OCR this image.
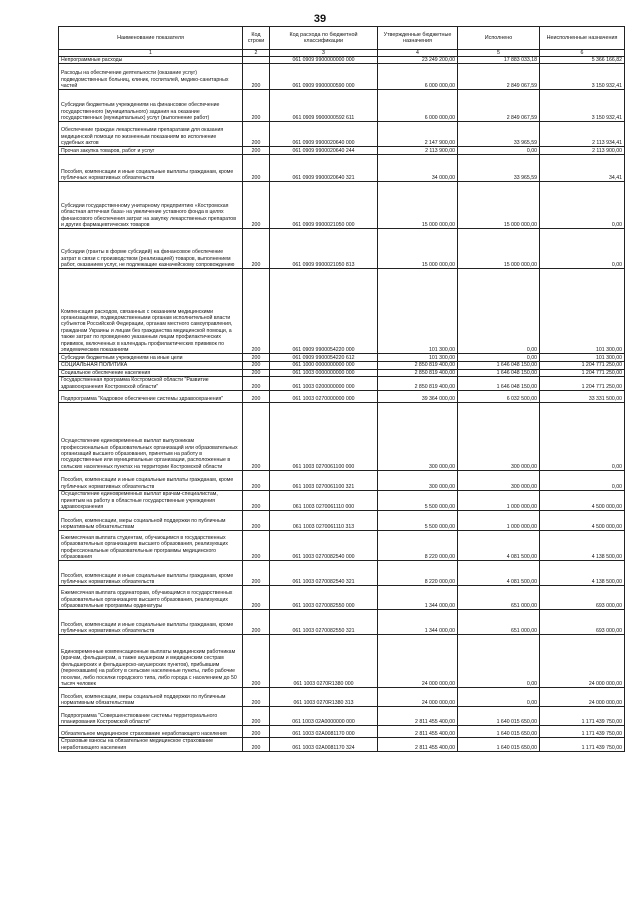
39
Наименование показателя	Код строки	Код расхода по бюджетной классификации	Утвержденные бюджетные назначения	Исполнено	Неисполненные назначения
1	2	3	4	5	6
Непрограммные расходы		061 0909 9900000000 000	23 249 200,00	17 883 033,18	5 366 166,82
Расходы на обеспечение деятельности (оказание услуг) подведомственных больниц, клиник, госпиталей, медико-санитарных частей	200	061 0909 9900000590 000	6 000 000,00	2 849 067,59	3 150 932,41
Субсидии бюджетным учреждениям на финансовое обеспечение государственного (муниципального) задания на оказание государственных (муниципальных) услуг (выполнение работ)	200	061 0909 9900000592 611	6 000 000,00	2 849 067,59	3 150 932,41
Обеспечение граждан лекарственными препаратами для оказания медицинской помощи по жизненным показаниям во исполнение судебных актов	200	061 0909 9900020640 000	2 147 900,00	33 965,59	2 113 934,41
Прочая закупка товаров, работ и услуг	200	061 0909 9900020640 244	2 113 900,00	0,00	2 113 900,00
Пособия, компенсации и иные социальные выплаты гражданам, кроме публичных нормативных обязательств	200	061 0909 9900020640 321	34 000,00	33 965,59	34,41
Субсидии государственному унитарному предприятию «Костромская областная аптечная база» на увеличение уставного фонда в целях финансового обеспечения затрат на закупку лекарственных препаратов и других фармацевтических товаров	200	061 0909 9900021050 000	15 000 000,00	15 000 000,00	0,00
Субсидии (гранты в форме субсидий) на финансовое обеспечение затрат в связи с производством (реализацией) товаров, выполнением работ, оказанием услуг, не подлежащие казначейскому сопровождению	200	061 0909 9900021050 813	15 000 000,00	15 000 000,00	0,00
Компенсация расходов, связанных с оказанием медицинскими организациями, подведомственными органам исполнительной власти субъектов Российской Федерации, органам местного самоуправления, гражданам Украины и лицам без гражданства медицинской помощи, а также затрат по проведению указанным лицам профилактических прививок, включенных в календарь профилактических прививок по эпидемическим показаниям	200	061 0909 9900054220 000	101 300,00	0,00	101 300,00
Субсидии бюджетным учреждениям на иные цели	200	061 0909 9900054220 612	101 300,00	0,00	101 300,00
СОЦИАЛЬНАЯ ПОЛИТИКА	200	061 1000 0000000000 000	2 850 819 400,00	1 646 048 150,00	1 204 771 250,00
Социальное обеспечение населения	200	061 1003 0000000000 000	2 850 819 400,00	1 646 048 150,00	1 204 771 250,00
Государственная программа Костромской области "Развитие здравоохранения Костромской области"	200	061 1003 0200000000 000	2 850 819 400,00	1 646 048 150,00	1 204 771 250,00
Подпрограмма "Кадровое обеспечение системы здравоохранения"	200	061 1003 0270000000 000	39 364 000,00	6 032 500,00	33 331 500,00
Осуществление единовременных выплат выпускникам профессиональных образовательных организаций или образовательных организаций высшего образования, принятым на работу в государственные или муниципальные организации, расположенные в сельских населенных пунктах на территории Костромской области	200	061 1003 0270061100 000	300 000,00	300 000,00	0,00
Пособия, компенсации и иные социальные выплаты гражданам, кроме публичных нормативных обязательств	200	061 1003 0270061100 321	300 000,00	300 000,00	0,00
Осуществление единовременных выплат врачам-специалистам, принятым на работу в областные государственные учреждения здравоохранения	200	061 1003 0270061110 000	5 500 000,00	1 000 000,00	4 500 000,00
Пособия, компенсации, меры социальной поддержки по публичным нормативным обязательствам	200	061 1003 0270061110 313	5 500 000,00	1 000 000,00	4 500 000,00
Ежемесячная выплата студентам, обучающимся в государственных образовательных организациях высшего образования, реализующих профессиональные образовательные программы медицинского образования	200	061 1003 0270082540 000	8 220 000,00	4 081 500,00	4 138 500,00
Пособия, компенсации и иные социальные выплаты гражданам, кроме публичных нормативных обязательств	200	061 1003 0270082540 321	8 220 000,00	4 081 500,00	4 138 500,00
Ежемесячная выплата ординаторам, обучающимся в государственных образовательных организациях высшего образования, реализующих образовательные программы ординатуры	200	061 1003 0270082550 000	1 344 000,00	651 000,00	693 000,00
Пособия, компенсации и иные социальные выплаты гражданам, кроме публичных нормативных обязательств	200	061 1003 0270082550 321	1 344 000,00	651 000,00	693 000,00
Единовременные компенсационные выплаты медицинским работникам (врачам, фельдшерам, а также акушеркам и медицинским сестрам фельдшерских и фельдшерско-акушерских пунктов), прибывшим (переехавшим) на работу в сельские населенные пункты, либо рабочие поселки, либо поселки городского типа, либо города с населением до 50 тысяч человек	200	061 1003 0270R1380 000	24 000 000,00	0,00	24 000 000,00
Пособия, компенсации, меры социальной поддержки по публичным нормативным обязательствам	200	061 1003 0270R1380 313	24 000 000,00	0,00	24 000 000,00
Подпрограмма "Совершенствование системы территориального планирования Костромской области"	200	061 1003 02А0000000 000	2 811 455 400,00	1 640 015 650,00	1 171 439 750,00
Обязательное медицинское страхование неработающего населения	200	061 1003 02А0081170 000	2 811 455 400,00	1 640 015 650,00	1 171 439 750,00
Страховые взносы на обязательное медицинское страхование неработающего населения	200	061 1003 02А0081170 324	2 811 455 400,00	1 640 015 650,00	1 171 439 750,00
